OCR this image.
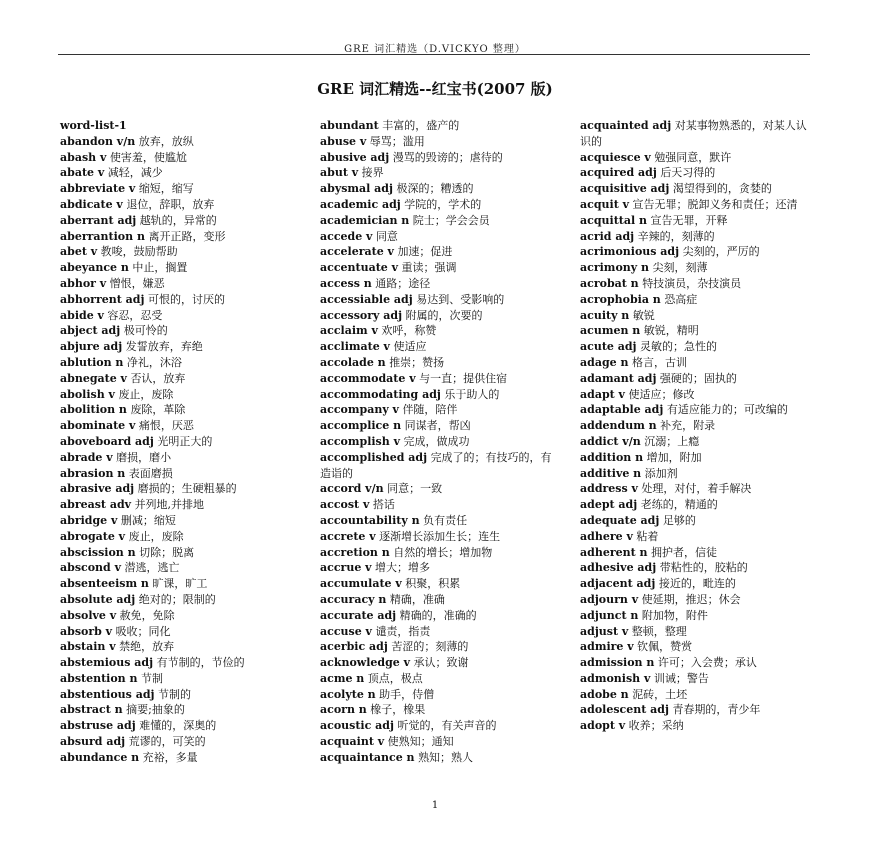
GRE 词汇精选（D.VICKYO 整理）
GRE 词汇精选--红宝书(2007 版)
word-list-1
abandon v/n 放弃，放纵
abash v 使害羞，使尴尬
abate v 减轻，减少
abbreviate v 缩短，缩写
abdicate v 退位，辞职，放弃
aberrant adj 越轨的，异常的
aberrantion n 离开正路，变形
abet v 教唆，鼓励帮助
abeyance n 中止，搁置
abhor v 憎恨，嫌恶
abhorrent adj 可恨的，讨厌的
abide v 容忍，忍受
abject adj 极可怜的
abjure adj 发誓放弃，弃绝
ablution n 净礼，沐浴
abnegate v 否认，放弃
abolish v 废止，废除
abolition n 废除，革除
abominate v 痛恨，厌恶
aboveboard adj 光明正大的
abrade v 磨损，磨小
abrasion n 表面磨损
abrasive adj 磨损的；生硬粗暴的
abreast adv 并列地,并排地
abridge v 删减；缩短
abrogate v 废止，废除
abscission n 切除；脱离
abscond v 潜逃，逃亡
absenteeism n 旷课，旷工
absolute adj 绝对的；限制的
absolve v 赦免，免除
absorb v 吸收；同化
abstain v 禁绝，放弃
abstemious adj 有节制的，节俭的
abstention n 节制
abstentious adj 节制的
abstract n 摘要;抽象的
abstruse adj 难懂的，深奥的
absurd adj 荒谬的，可笑的
abundance n 充裕，多量
abundant 丰富的，盛产的
abuse v 辱骂；滥用
abusive adj 漫骂的毁谤的；虐待的
abut v 接界
abysmal adj 极深的；糟透的
academic adj 学院的，学术的
academician n 院士；学会会员
accede v 同意
accelerate v 加速；促进
accentuate v 重读；强调
access n 通路；途径
accessiable adj 易达到、受影响的
accessory adj 附属的，次要的
acclaim v 欢呼，称赞
acclimate v 使适应
accolade n 推崇；赞扬
accommodate v 与一直；提供住宿
accommodating adj 乐于助人的
accompany v 伴随，陪伴
accomplice n 同谋者，帮凶
accomplish v 完成，做成功
accomplished adj 完成了的；有技巧的，有造诣的
accord v/n 同意；一致
accost v 搭话
accountability n 负有责任
accrete v 逐渐增长添加生长；连生
accretion n 自然的增长；增加物
accrue v 增大；增多
accumulate v 积聚，积累
accuracy n 精确，准确
accurate adj 精确的，准确的
accuse v 谴责，指责
acerbic adj 苦涩的；刻薄的
acknowledge v 承认；致谢
acme n 顶点，极点
acolyte n 助手，侍僧
acorn n 橡子，橡果
acoustic adj 听觉的，有关声音的
acquaint v 使熟知；通知
acquaintance n 熟知；熟人
acquainted adj 对某事物熟悉的，对某人认识的
acquiesce v 勉强同意，默许
acquired adj 后天习得的
acquisitive adj 渴望得到的，贪婪的
acquit v 宣告无罪；脱卸义务和责任；还清
acquittal n 宣告无罪，开释
acrid adj 辛辣的，刻薄的
acrimonious adj 尖刻的，严厉的
acrimony n 尖刻，刻薄
acrobat n 特技演员，杂技演员
acrophobia n 恐高症
acuity n 敏锐
acumen n 敏锐，精明
acute adj 灵敏的；急性的
adage n 格言，古训
adamant adj 强硬的；固执的
adapt v 使适应；修改
adaptable adj 有适应能力的；可改编的
addendum n 补充，附录
addict v/n 沉溺；上瘾
addition n 增加，附加
additive n 添加剂
address v 处理，对付，着手解决
adept adj 老练的，精通的
adequate adj 足够的
adhere v 粘着
adherent n 拥护者，信徒
adhesive adj 带粘性的，胶粘的
adjacent adj 接近的，毗连的
adjourn v 使延期，推迟；休会
adjunct n 附加物，附件
adjust v 整顿，整理
admire v 钦佩，赞赏
admission n 许可；入会费；承认
admonish v 训诫；警告
adobe n 泥砖，土坯
adolescent adj 青春期的，青少年
adopt v 收养；采纳
1
